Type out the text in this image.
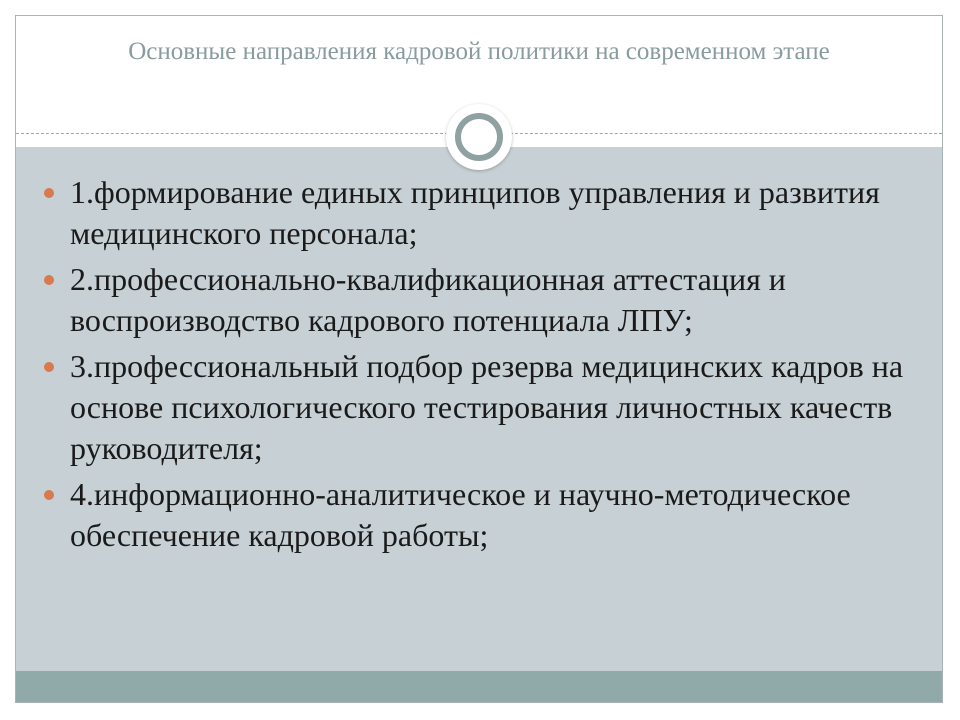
Основные направления кадровой политики на современном этапе
1.формирование единых принципов управления и развития медицинского персонала;
2.профессионально-квалификационная аттестация и воспроизводство кадрового потенциала ЛПУ;
3.профессиональный подбор резерва медицинских кадров на основе психологического тестирования личностных качеств руководителя;
4.информационно-аналитическое и научно-методическое обеспечение кадровой работы;
